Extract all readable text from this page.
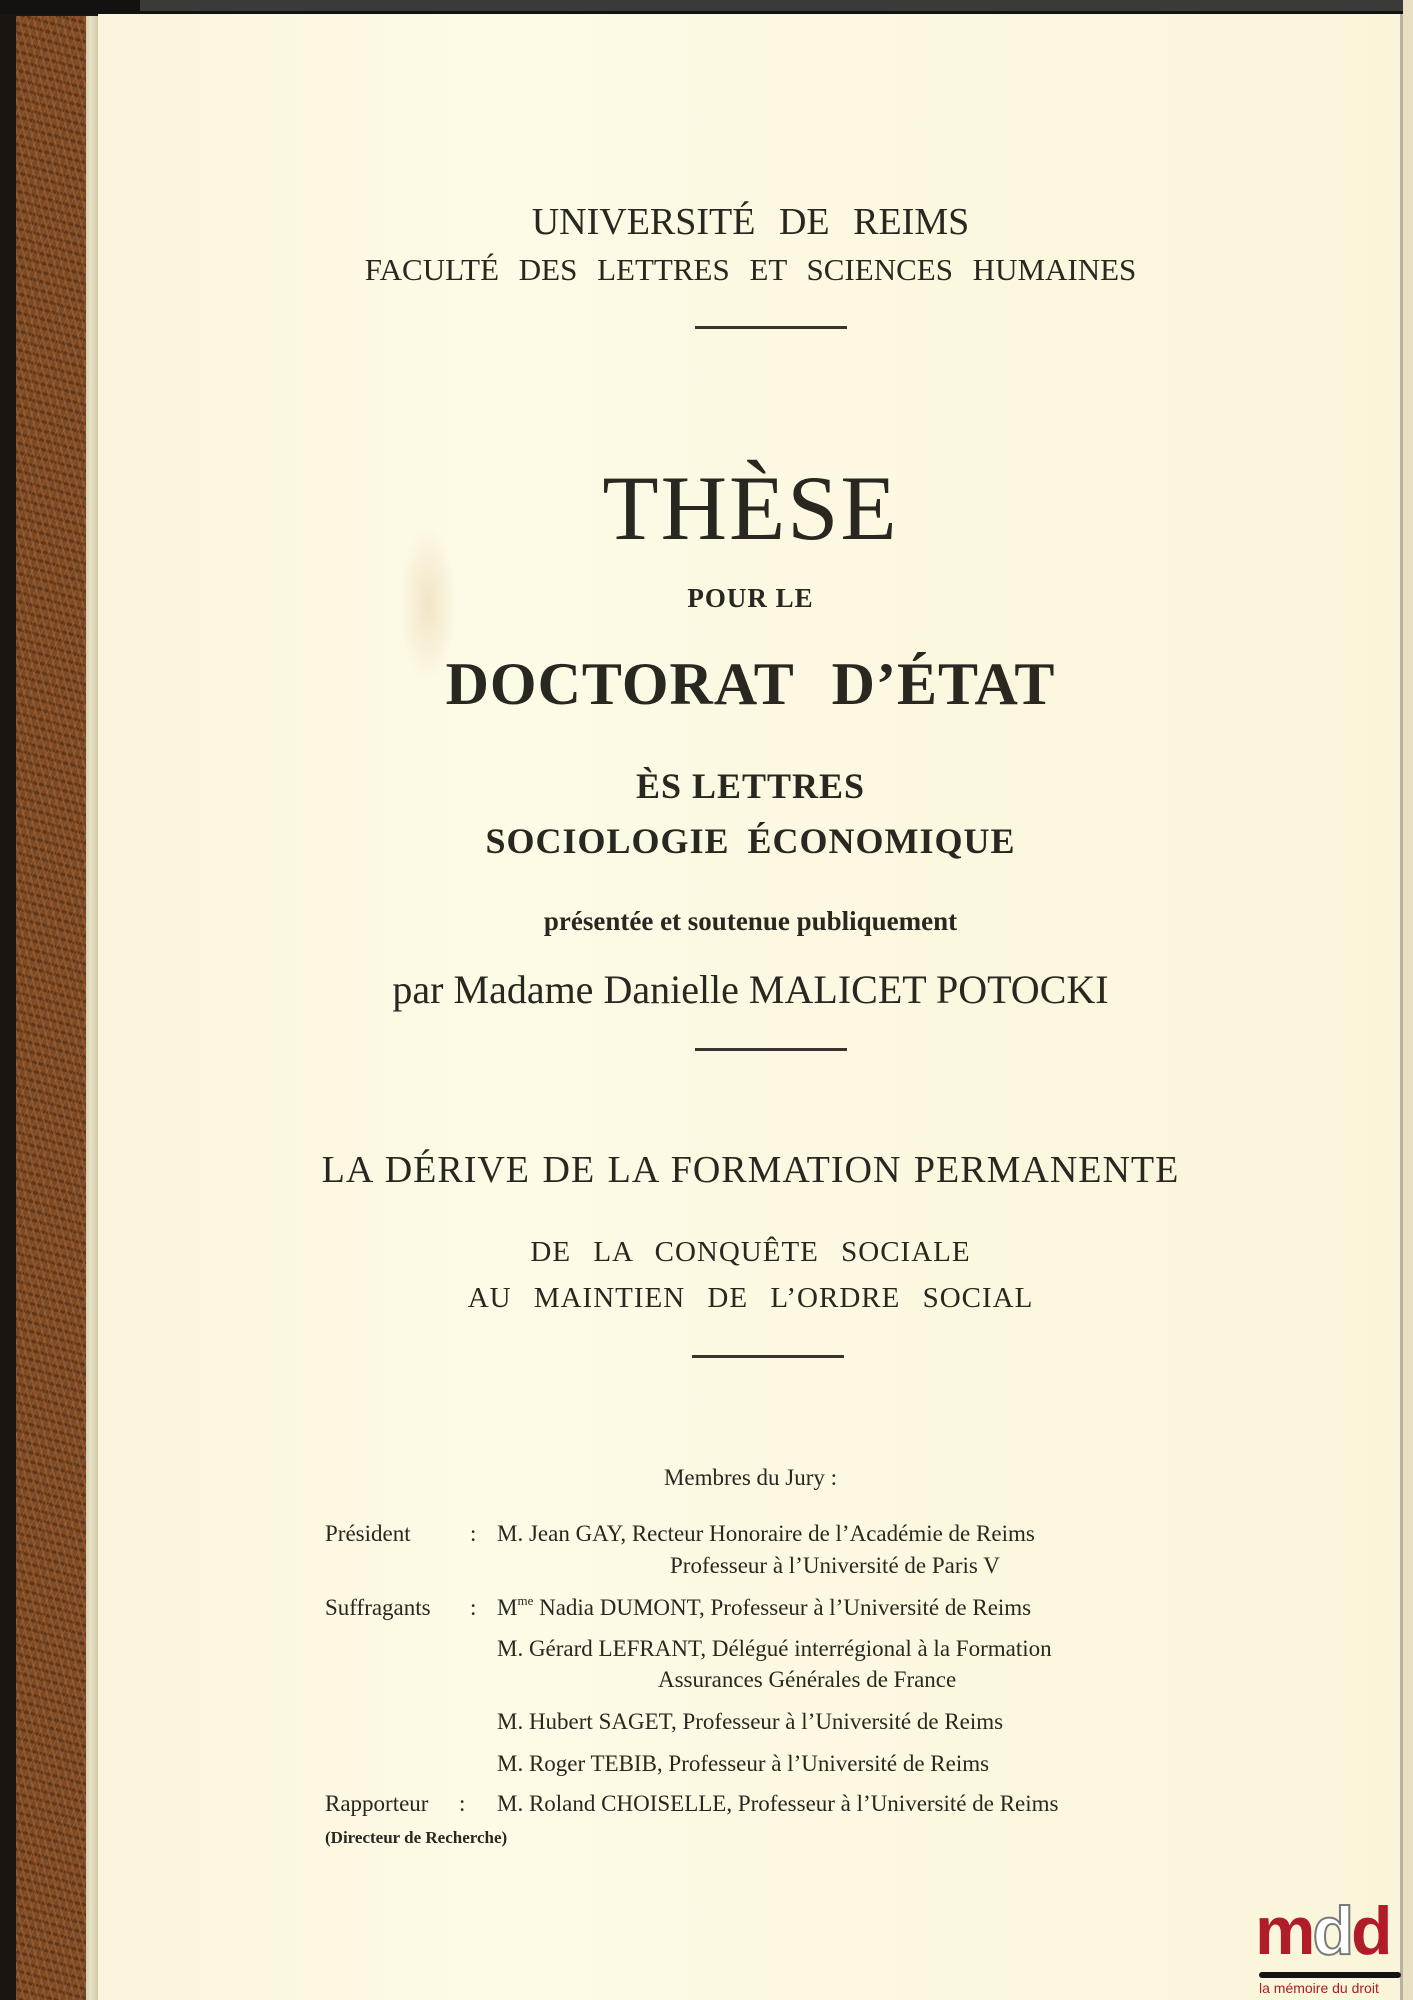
UNIVERSITÉ DE REIMS
FACULTÉ DES LETTRES ET SCIENCES HUMAINES
THÈSE
POUR LE
DOCTORAT D’ÉTAT
ÈS LETTRES
SOCIOLOGIE ÉCONOMIQUE
présentée et soutenue publiquement
par Madame Danielle MALICET POTOCKI
LA DÉRIVE DE LA FORMATION PERMANENTE
DE LA CONQUÊTE SOCIALE
AU MAINTIEN DE L’ORDRE SOCIAL
Membres du Jury :
Président	: M. Jean GAY, Recteur Honoraire de l’Académie de Reims
Professeur à l’Université de Paris V
Suffragants : $M^{me}$ Nadia DUMONT, Professeur à l’Université de Reims
M. Gérard LEFRANT, Délégué interrégional à la Formation
Assurances Générales de France
M. Hubert SAGET, Professeur à l’Université de Reims
M. Roger TEBIB, Professeur à l’Université de Reims
Rapporteur : M. Roland CHOISELLE, Professeur à l’Université de Reims
(Directeur de Recherche)
mdd
la mémoire du droit
